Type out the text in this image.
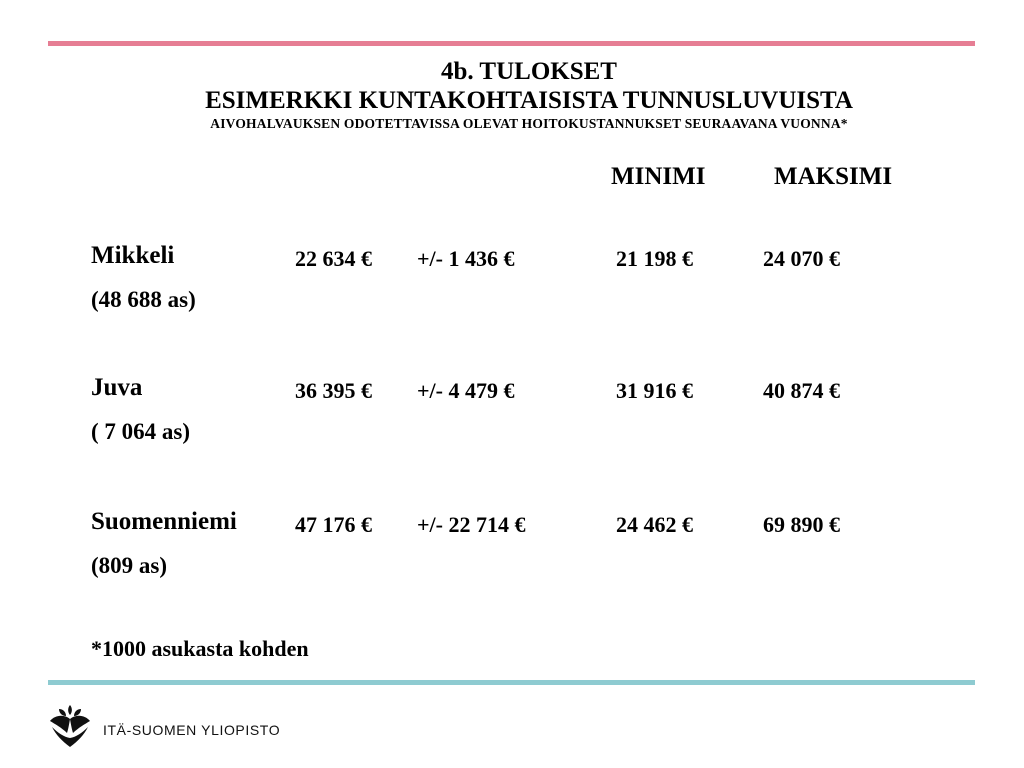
4b. TULOKSET
ESIMERKKI KUNTAKOHTAISISTA TUNNUSLUVUISTA
AIVOHALVAUKSEN ODOTETTAVISSA OLEVAT HOITOKUSTANNUKSET SEURAAVANA VUONNA*
MINIMI	MAKSIMI
Mikkeli	22 634 € +/- 1 436 €	21 198 €	24 070 €
(48 688 as)
Juva	36 395 € +/- 4 479 €	31 916 €	40 874 €
( 7 064 as)
Suomenniemi	47 176 € +/- 22 714 €	24 462 €	69 890 €
(809 as)
*1000 asukasta kohden
ITÄ-SUOMEN YLIOPISTO
